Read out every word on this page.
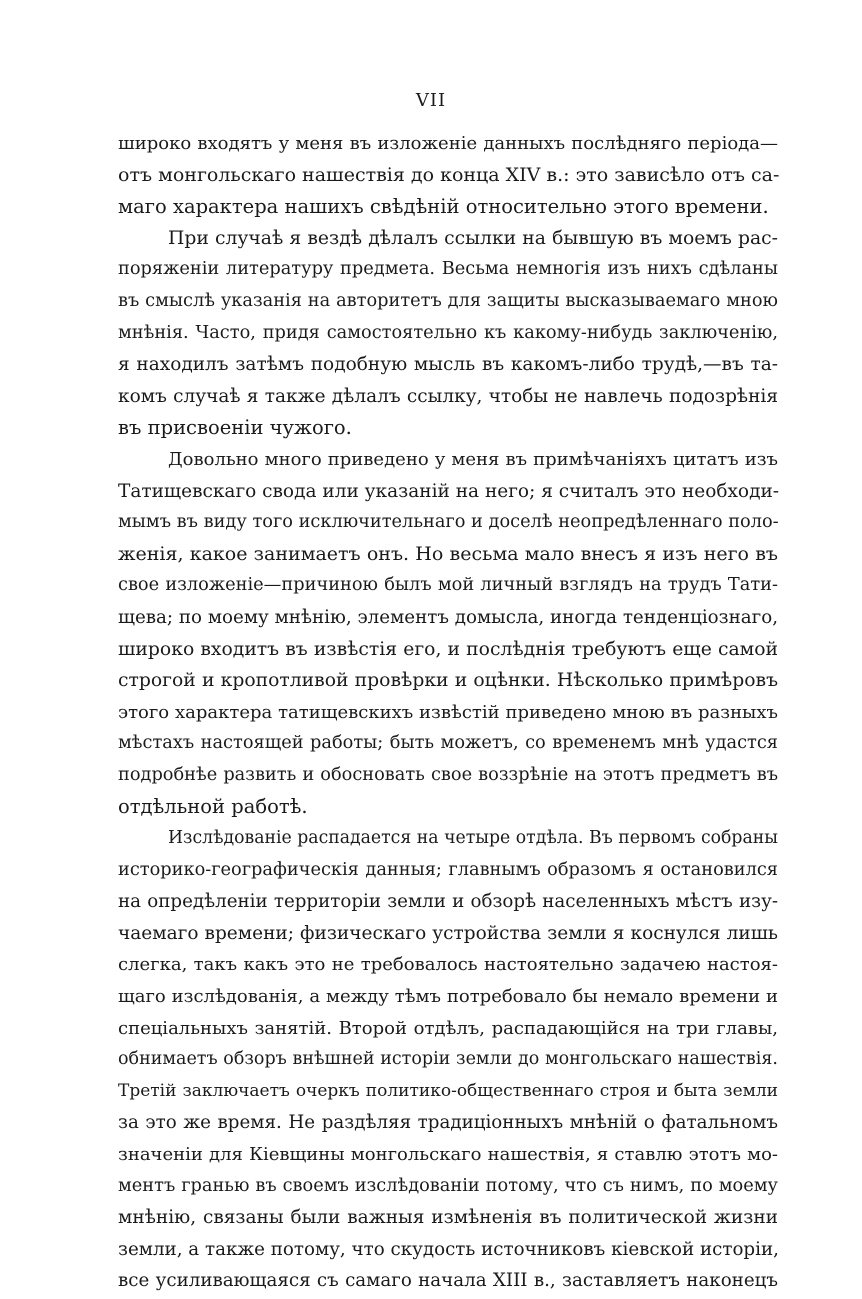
VII
широко входятъ у меня въ изложеніе данныхъ послѣдняго періода—
отъ монгольскаго нашествія до конца XIV в.: это зависѣло отъ са-
маго характера нашихъ свѣдѣній относительно этого времени.
При случаѣ я вездѣ дѣлалъ ссылки на бывшую въ моемъ рас-
поряженіи литературу предмета. Весьма немногія изъ нихъ сдѣланы
въ смыслѣ указанія на авторитетъ для защиты высказываемаго мною
мнѣнія. Часто, придя самостоятельно къ какому-нибудь заключенію,
я находилъ затѣмъ подобную мысль въ какомъ-либо трудѣ,—въ та-
комъ случаѣ я также дѣлалъ ссылку, чтобы не навлечь подозрѣнія
въ присвоеніи чужого.
Довольно много приведено у меня въ примѣчаніяхъ цитатъ изъ
Татищевскаго свода или указаній на него; я считалъ это необходи-
мымъ въ виду того исключительнаго и доселѣ неопредѣленнаго поло-
женія, какое занимаетъ онъ. Но весьма мало внесъ я изъ него въ
свое изложеніе—причиною былъ мой личный взглядъ на трудъ Тати-
щева; по моему мнѣнію, элементъ домысла, иногда тенденціознаго,
широко входитъ въ извѣстія его, и послѣднія требуютъ еще самой
строгой и кропотливой провѣрки и оцѣнки. Нѣсколько примѣровъ
этого характера татищевскихъ извѣстій приведено мною въ разныхъ
мѣстахъ настоящей работы; быть можетъ, со временемъ мнѣ удастся
подробнѣе развить и обосновать свое воззрѣніе на этотъ предметъ въ
отдѣльной работѣ.
Изслѣдованіе распадается на четыре отдѣла. Въ первомъ собраны
историко-географическія данныя; главнымъ образомъ я остановился
на опредѣленіи территоріи земли и обзорѣ населенныхъ мѣстъ изу-
чаемаго времени; физическаго устройства земли я коснулся лишь
слегка, такъ какъ это не требовалось настоятельно задачею настоя-
щаго изслѣдованія, а между тѣмъ потребовало бы немало времени и
спеціальныхъ занятій. Второй отдѣлъ, распадающійся на три главы,
обнимаетъ обзоръ внѣшней исторіи земли до монгольскаго нашествія.
Третій заключаетъ очеркъ политико-общественнаго строя и быта земли
за это же время. Не раздѣляя традиціонныхъ мнѣній о фатальномъ
значеніи для Кіевщины монгольскаго нашествія, я ставлю этотъ мо-
ментъ гранью въ своемъ изслѣдованіи потому, что съ нимъ, по моему
мнѣнію, связаны были важныя измѣненія въ политической жизни
земли, а также потому, что скудость источниковъ кіевской исторіи,
все усиливающаяся съ самаго начала XIII в., заставляетъ наконецъ
